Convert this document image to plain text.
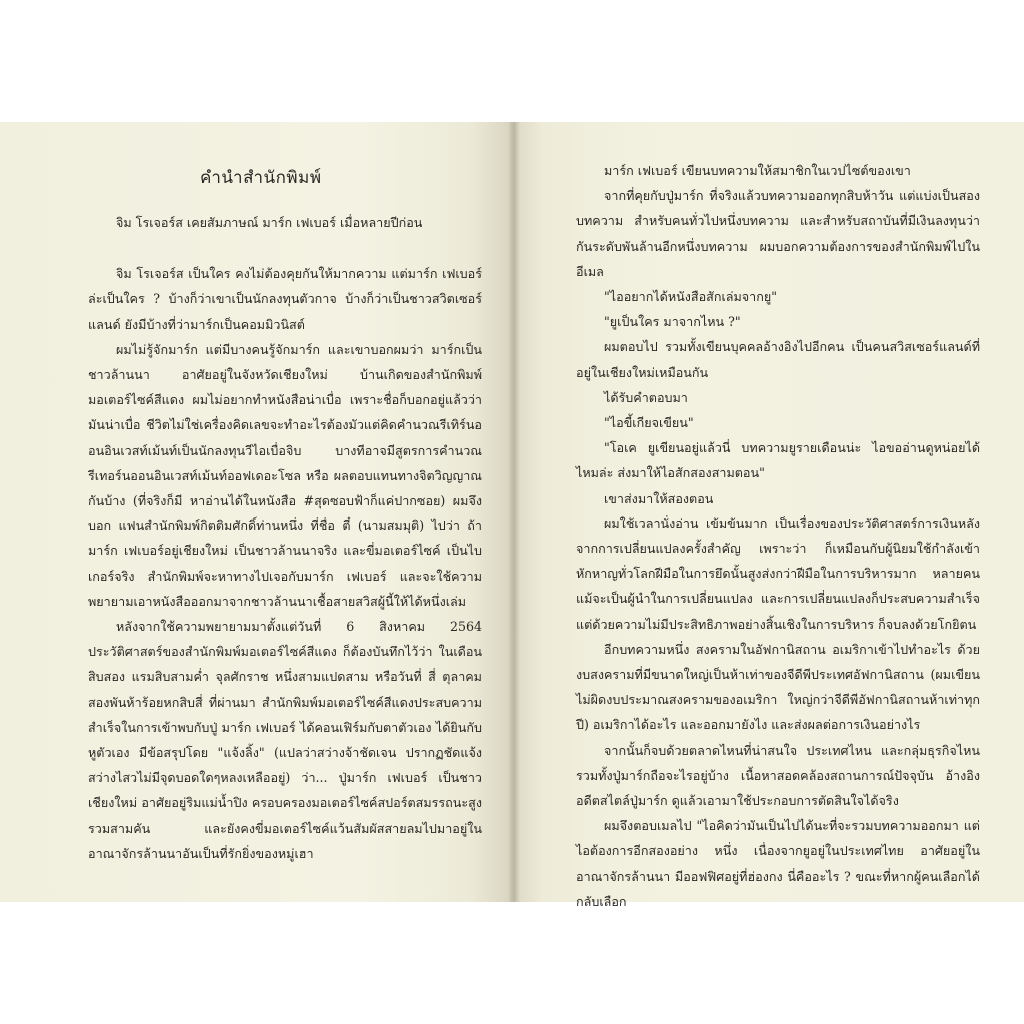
คำนำสำนักพิมพ์

จิม โรเจอร์ส เคยสัมภาษณ์ มาร์ก เฟเบอร์ เมื่อหลายปีก่อน

จิม โรเจอร์ส เป็นใคร คงไม่ต้องคุยกันให้มากความ แต่มาร์ก เฟเบอร์ล่ะเป็นใคร ? บ้างก็ว่าเขาเป็นนักลงทุนตัวกาจ บ้างก็ว่าเป็นชาวสวิตเซอร์แลนด์ ยังมีบ้างที่ว่ามาร์กเป็นคอมมิวนิสต์

ผมไม่รู้จักมาร์ก แต่มีบางคนรู้จักมาร์ก และเขาบอกผมว่า มาร์กเป็นชาวล้านนา อาศัยอยู่ในจังหวัดเชียงใหม่ บ้านเกิดของสำนักพิมพ์มอเตอร์ไซค์สีแดง ผมไม่อยากทำหนังสือน่าเบื่อ เพราะชื่อก็บอกอยู่แล้วว่ามันน่าเบื่อ ชีวิตไม่ใช่เครื่องคิดเลขจะทำอะไรต้องมัวแต่คิดคำนวณรีเทิร์นออนอินเวสท์เม้นท์เป็นนักลงทุนวีไอเบื่อจิบ บางทีอาจมีสูตรการคำนวณรีเทอร์นออนอินเวสท์เม้นท์ออฟเดอะโซล หรือ ผลตอบแทนทางจิตวิญญาณกันบ้าง (ที่จริงก็มี หาอ่านได้ในหนังสือ #สุดซอบฟ้าก็แค่ปากซอย) ผมจึงบอก แฟนสำนักพิมพ์กิตติมศักดิ์ท่านหนึ่ง ที่ชื่อ ตี๋ (นามสมมุติ) ไปว่า ถ้ามาร์ก เฟเบอร์อยู่เชียงใหม่ เป็นชาวล้านนาจริง และขี่มอเตอร์ไซค์ เป็นไบเกอร์จริง สำนักพิมพ์จะหาทางไปเจอกับมาร์ก เฟเบอร์ และจะใช้ความพยายามเอาหนังสือออกมาจากชาวล้านนาเชื้อสายสวิสผู้นี้ให้ได้หนึ่งเล่ม

หลังจากใช้ความพยายามมาตั้งแต่วันที่ 6 สิงหาคม 2564 ประวัติศาสตร์ของสำนักพิมพ์มอเตอร์ไซค์สีแดง ก็ต้องบันทึกไว้ว่า ในเดือนสิบสอง แรมสิบสามค่ำ จุลศักราช หนึ่งสามแปดสาม หรือวันที่ สี่ ตุลาคม สองพันห้าร้อยหกสิบสี่ ที่ผ่านมา สำนักพิมพ์มอเตอร์ไซค์สีแดงประสบความสำเร็จในการเข้าพบกับปู่ มาร์ก เฟเบอร์ ได้คอนเฟิร์มกับตาตัวเอง ได้ยินกับหูตัวเอง มีข้อสรุปโดย "แจ้งลิ้ง" (แปลว่าสว่างจ้าชัดเจน ปรากฏชัดแจ้ง สว่างไสวไม่มีจุดบอดใดๆหลงเหลืออยู่) ว่า... ปู่มาร์ก เฟเบอร์ เป็นชาวเชียงใหม่ อาศัยอยู่ริมแม่น้ำปิง ครอบครองมอเตอร์ไซค์สปอร์ตสมรรถนะสูงรวมสามคัน และยังคงขี่มอเตอร์ไซค์แว้นสัมผัสสายลมไปมาอยู่ในอาณาจักรล้านนาอันเป็นที่รักยิ่งของหมู่เฮา

มาร์ก เฟเบอร์ เขียนบทความให้สมาชิกในเวปไซต์ของเขา

จากที่คุยกับปู่มาร์ก ที่จริงแล้วบทความออกทุกสิบห้าวัน แต่แบ่งเป็นสองบทความ สำหรับคนทั่วไปหนึ่งบทความ และสำหรับสถาบันที่มีเงินลงทุนว่ากันระดับพันล้านอีกหนึ่งบทความ ผมบอกความต้องการของสำนักพิมพ์ไปในอีเมล

"ไออยากได้หนังสือสักเล่มจากยู"

"ยูเป็นใคร มาจากไหน ?"

ผมตอบไป รวมทั้งเขียนบุคคลอ้างอิงไปอีกคน เป็นคนสวิสเซอร์แลนด์ที่อยู่ในเชียงใหม่เหมือนกัน

ได้รับคำตอบมา

"ไอขี้เกียจเขียน"

"โอเค ยูเขียนอยู่แล้วนี่ บทความยูรายเดือนน่ะ ไอขออ่านดูหน่อยได้ไหมล่ะ ส่งมาให้ไอสักสองสามตอน"

เขาส่งมาให้สองตอน

ผมใช้เวลานั่งอ่าน เข้มข้นมาก เป็นเรื่องของประวัติศาสตร์การเงินหลังจากการเปลี่ยนแปลงครั้งสำคัญ เพราะว่า ก็เหมือนกับผู้นิยมใช้กำลังเข้าหักหาญทั่วโลกฝีมือในการยึดนั้นสูงส่งกว่าฝีมือในการบริหารมาก หลายคนแม้จะเป็นผู้นำในการเปลี่ยนแปลง และการเปลี่ยนแปลงก็ประสบความสำเร็จ แต่ด้วยความไม่มีประสิทธิภาพอย่างสิ้นเชิงในการบริหาร ก็จบลงด้วยโกยิตน

อีกบทความหนึ่ง สงครามในอัฟกานิสถาน อเมริกาเข้าไปทำอะไร ด้วยงบสงครามที่มีขนาดใหญ่เป็นห้าเท่าของจีดีพีประเทศอัฟกานิสถาน (ผมเขียนไม่ผิดงบประมาณสงครามของอเมริกา ใหญ่กว่าจีดีพีอัฟกานิสถานห้าเท่าทุกปี) อเมริกาได้อะไร และออกมายังไง และส่งผลต่อการเงินอย่างไร

จากนั้นก็จบด้วยตลาดไหนที่น่าสนใจ ประเทศไหน และกลุ่มธุรกิจไหน รวมทั้งปู่มาร์กถือจะไรอยู่บ้าง เนื้อหาสอดคล้องสถานการณ์ปัจจุบัน อ้างอิงอดีตสไตล์ปู่มาร์ก ดูแล้วเอามาใช้ประกอบการตัดสินใจได้จริง

ผมจึงตอบเมลไป "ไอคิดว่ามันเป็นไปได้นะที่จะรวมบทความออกมา แต่ไอต้องการอีกสองอย่าง หนึ่ง เนื่องจากยูอยู่ในประเทศไทย อาศัยอยู่ในอาณาจักรล้านนา มีออฟฟิศอยู่ที่ฮ่องกง นี่คืออะไร ? ขณะที่หากผู้คนเลือกได้ กลับเลือก
